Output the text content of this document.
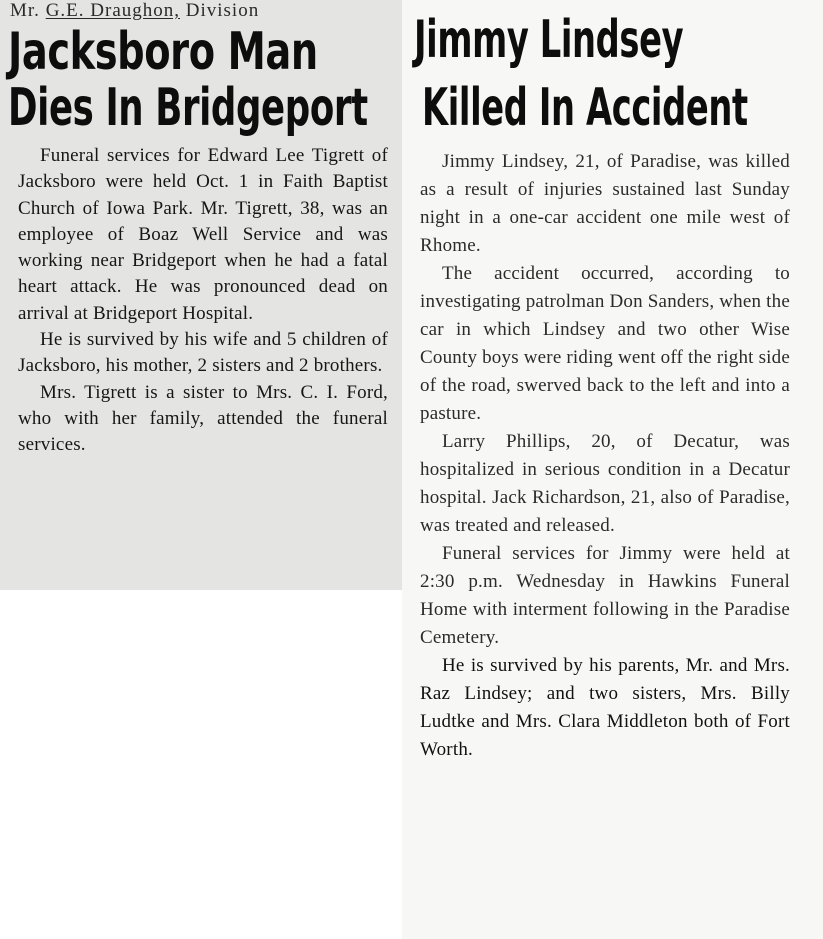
Mr. G.E. Draughon, Division
Jacksboro Man
Dies In Bridgeport
Jimmy Lindsey
Killed In Accident

Funeral services for Edward Lee Tigrett of Jacksboro were held Oct. 1 in Faith Baptist Church of Iowa Park. Mr. Tigrett, 38, was an employee of Boaz Well Service and was working near Bridgeport when he had a fatal heart attack. He was pronounced dead on arrival at Bridgeport Hospital.

He is survived by his wife and 5 children of Jacksboro, his mother, 2 sisters and 2 brothers.

Mrs. Tigrett is a sister to Mrs. C. I. Ford, who with her family, attended the funeral services.

Jimmy Lindsey, 21, of Paradise, was killed as a result of injuries sustained last Sunday night in a one-car accident one mile west of Rhome.

The accident occurred, according to investigating patrolman Don Sanders, when the car in which Lindsey and two other Wise County boys were riding went off the right side of the road, swerved back to the left and into a pasture.

Larry Phillips, 20, of Decatur, was hospitalized in serious condition in a Decatur hospital. Jack Richardson, 21, also of Paradise, was treated and released.

Funeral services for Jimmy were held at 2:30 p.m. Wednesday in Hawkins Funeral Home with interment following in the Paradise Cemetery.

He is survived by his parents, Mr. and Mrs. Raz Lindsey; and two sisters, Mrs. Billy Ludtke and Mrs. Clara Middleton both of Fort Worth.
